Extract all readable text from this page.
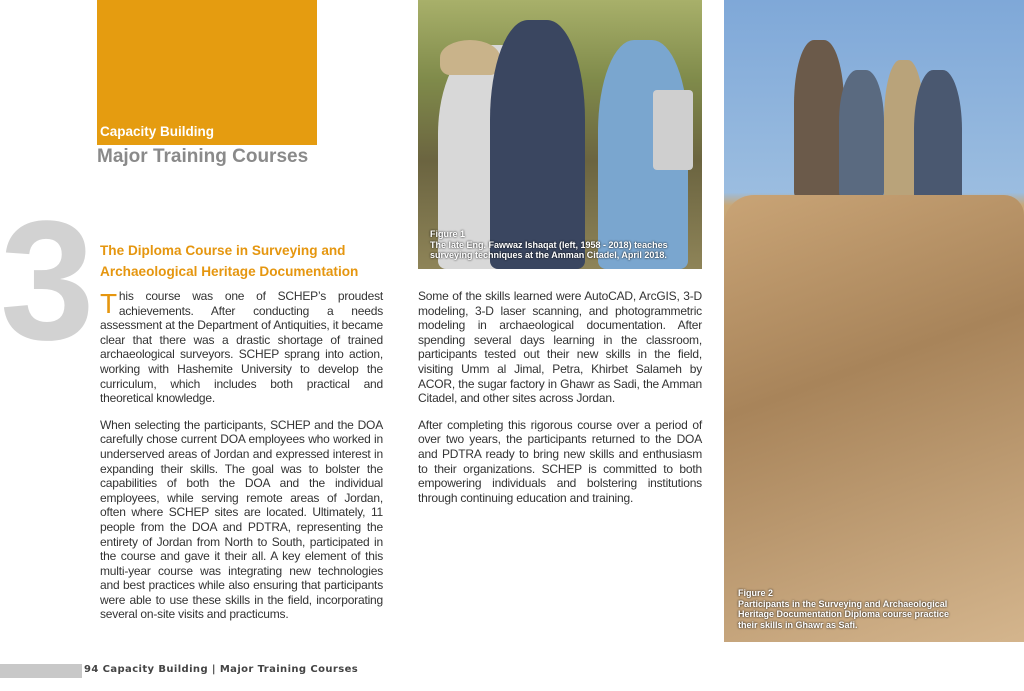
Capacity Building
Major Training Courses
3 The Diploma Course in Surveying and Archaeological Heritage Documentation

This course was one of SCHEP’s proudest achievements. After conducting a needs assessment at the Department of Antiquities, it became clear that there was a drastic shortage of trained archaeological surveyors. SCHEP sprang into action, working with Hashemite University to develop the curriculum, which includes both practical and theoretical knowledge.

When selecting the participants, SCHEP and the DOA carefully chose current DOA employees who worked in underserved areas of Jordan and expressed interest in expanding their skills. The goal was to bolster the capabilities of both the DOA and the individual employees, while serving remote areas of Jordan, often where SCHEP sites are located. Ultimately, 11 people from the DOA and PDTRA, representing the entirety of Jordan from North to South, participated in the course and gave it their all. A key element of this multi-year course was integrating new technologies and best practices while also ensuring that participants were able to use these skills in the field, incorporating several on-site visits and practicums.

Some of the skills learned were AutoCAD, ArcGIS, 3-D modeling, 3-D laser scanning, and photogrammetric modeling in archaeological documentation. After spending several days learning in the classroom, participants tested out their new skills in the field, visiting Umm al Jimal, Petra, Khirbet Salameh by ACOR, the sugar factory in Ghawr as Sadi, the Amman Citadel, and other sites across Jordan.

After completing this rigorous course over a period of over two years, the participants returned to the DOA and PDTRA ready to bring new skills and enthusiasm to their organizations. SCHEP is committed to both empowering individuals and bolstering institutions through continuing education and training.

Figure 1
The late Eng. Fawwaz Ishaqat (left, 1958 - 2018) teaches surveying techniques at the Amman Citadel, April 2018.
Figure 2
Participants in the Surveying and Archaeological Heritage Documentation Diploma course practice their skills in Ghawr as Safi.
94 Capacity Building | Major Training Courses
